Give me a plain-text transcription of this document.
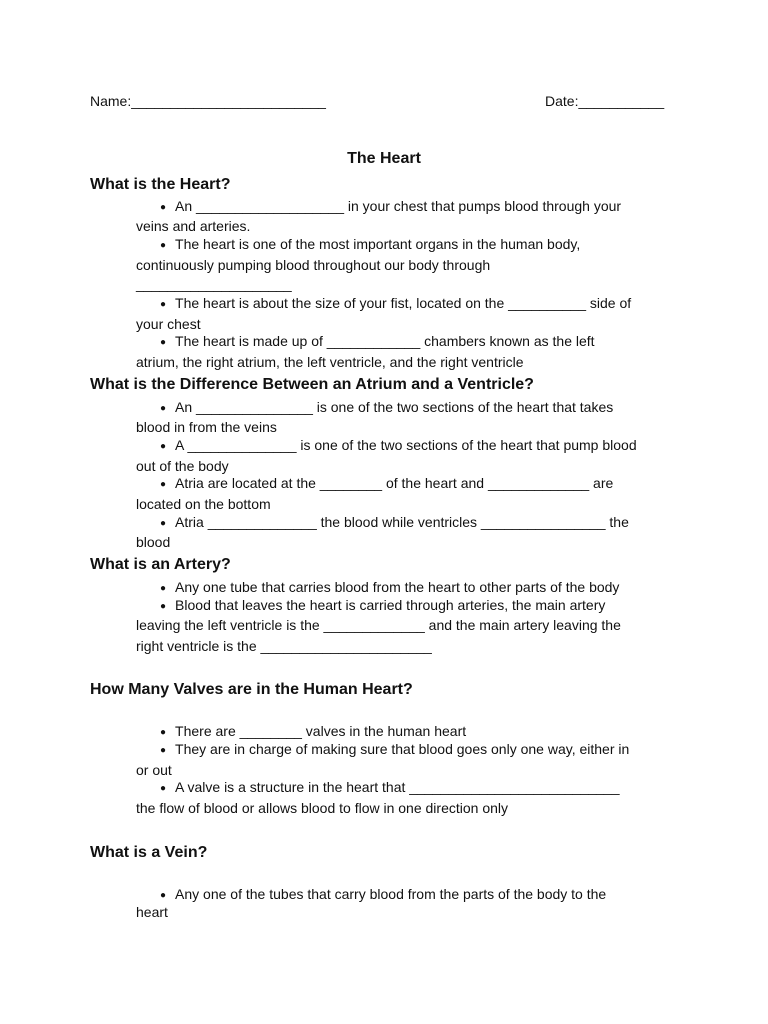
Name:_________________________	Date:___________
The Heart
What is the Heart?
● An ___________________ in your chest that pumps blood through your
veins and arteries.
● The heart is one of the most important organs in the human body,
continuously pumping blood throughout our body through
____________________
● The heart is about the size of your fist, located on the __________ side of
your chest
● The heart is made up of ____________ chambers known as the left
atrium, the right atrium, the left ventricle, and the right ventricle
What is the Difference Between an Atrium and a Ventricle?
● An _______________ is one of the two sections of the heart that takes
blood in from the veins
● A ______________ is one of the two sections of the heart that pump blood
out of the body
● Atria are located at the ________ of the heart and _____________ are
located on the bottom
● Atria ______________ the blood while ventricles ________________ the
blood
What is an Artery?
● Any one tube that carries blood from the heart to other parts of the body
● Blood that leaves the heart is carried through arteries, the main artery
leaving the left ventricle is the _____________ and the main artery leaving the
right ventricle is the ______________________
How Many Valves are in the Human Heart?
● There are ________ valves in the human heart
● They are in charge of making sure that blood goes only one way, either in
or out
● A valve is a structure in the heart that ___________________________
the flow of blood or allows blood to flow in one direction only
What is a Vein?
● Any one of the tubes that carry blood from the parts of the body to the
heart
